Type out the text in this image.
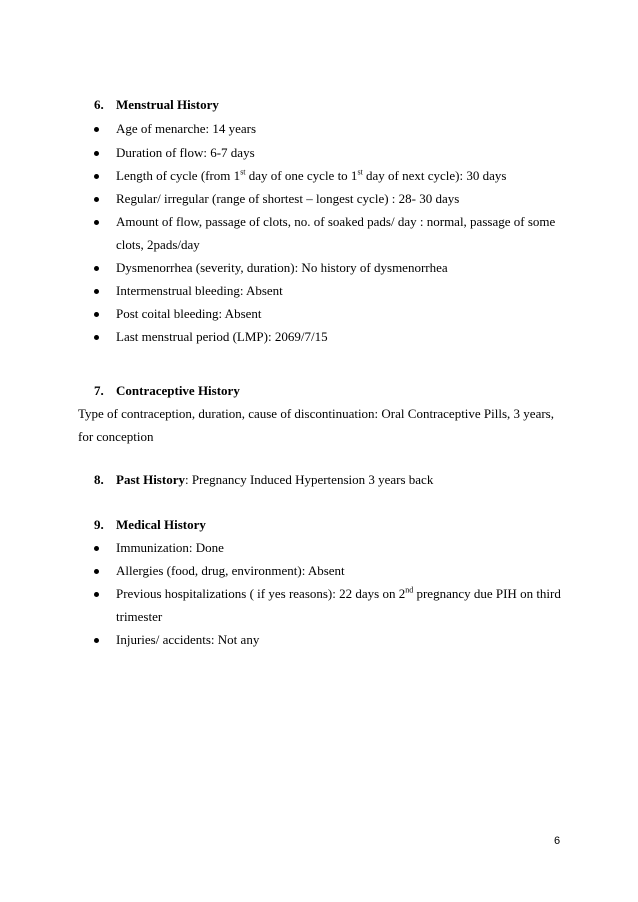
6. Menstrual History
Age of menarche: 14 years
Duration of flow: 6-7 days
Length of cycle (from 1st day of one cycle to 1st day of next cycle): 30 days
Regular/ irregular (range of shortest – longest cycle) : 28- 30 days
Amount of flow, passage of clots, no. of soaked pads/ day : normal, passage of some
clots, 2pads/day
Dysmenorrhea (severity, duration): No history of dysmenorrhea
Intermenstrual bleeding: Absent
Post coital bleeding: Absent
Last menstrual period (LMP): 2069/7/15
7. Contraceptive History
Type of contraception, duration, cause of discontinuation: Oral Contraceptive Pills, 3 years,
for conception
8. Past History: Pregnancy Induced Hypertension 3 years back
9. Medical History
Immunization: Done
Allergies (food, drug, environment): Absent
Previous hospitalizations ( if yes reasons): 22 days on 2nd pregnancy due PIH on third
trimester
Injuries/ accidents: Not any
6
